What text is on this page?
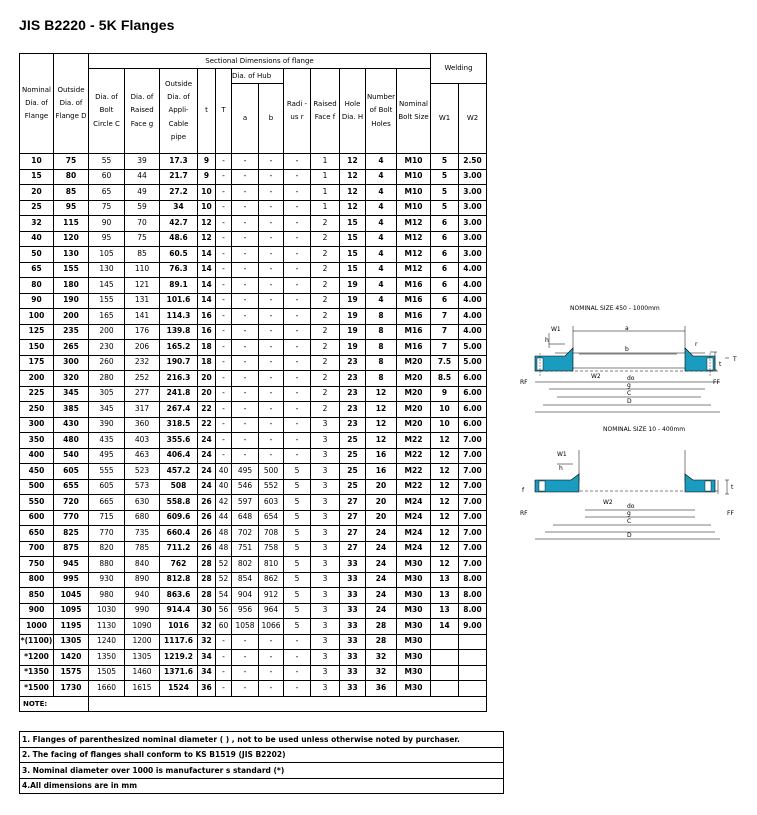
JIS B2220 - 5K Flanges
Nominal Dia. of Flange	Outside Dia. of Flange D	Sectional Dimensions of flange												Welding	
		Dia. of Bolt Circle C	Dia. of Raised Face g	Outside Dia. of Appli- Cable pipe	t	T	Dia. of Hub		Radi -us r	Raised Face f	Hole Dia. H	Number of Bolt Holes	Nominal Bolt Size		
							a	b						W1	W2
10	75	55	39	17.3	9	-	-	-	-	1	12	4	M10	5	2.50
15	80	60	44	21.7	9	-	-	-	-	1	12	4	M10	5	3.00
20	85	65	49	27.2	10	-	-	-	-	1	12	4	M10	5	3.00
25	95	75	59	34	10	-	-	-	-	1	12	4	M10	5	3.00
32	115	90	70	42.7	12	-	-	-	-	2	15	4	M12	6	3.00
40	120	95	75	48.6	12	-	-	-	-	2	15	4	M12	6	3.00
50	130	105	85	60.5	14	-	-	-	-	2	15	4	M12	6	3.00
65	155	130	110	76.3	14	-	-	-	-	2	15	4	M12	6	4.00
80	180	145	121	89.1	14	-	-	-	-	2	19	4	M16	6	4.00
90	190	155	131	101.6	14	-	-	-	-	2	19	4	M16	6	4.00
100	200	165	141	114.3	16	-	-	-	-	2	19	8	M16	7	4.00
125	235	200	176	139.8	16	-	-	-	-	2	19	8	M16	7	4.00
150	265	230	206	165.2	18	-	-	-	-	2	19	8	M16	7	5.00
175	300	260	232	190.7	18	-	-	-	-	2	23	8	M20	7.5	5.00
200	320	280	252	216.3	20	-	-	-	-	2	23	8	M20	8.5	6.00
225	345	305	277	241.8	20	-	-	-	-	2	23	12	M20	9	6.00
250	385	345	317	267.4	22	-	-	-	-	2	23	12	M20	10	6.00
300	430	390	360	318.5	22	-	-	-	-	3	23	12	M20	10	6.00
350	480	435	403	355.6	24	-	-	-	-	3	25	12	M22	12	7.00
400	540	495	463	406.4	24	-	-	-	-	3	25	16	M22	12	7.00
450	605	555	523	457.2	24	40	495	500	5	3	25	16	M22	12	7.00
500	655	605	573	508	24	40	546	552	5	3	25	20	M22	12	7.00
550	720	665	630	558.8	26	42	597	603	5	3	27	20	M24	12	7.00
600	770	715	680	609.6	26	44	648	654	5	3	27	20	M24	12	7.00
650	825	770	735	660.4	26	48	702	708	5	3	27	24	M24	12	7.00
700	875	820	785	711.2	26	48	751	758	5	3	27	24	M24	12	7.00
750	945	880	840	762	28	52	802	810	5	3	33	24	M30	12	7.00
800	995	930	890	812.8	28	52	854	862	5	3	33	24	M30	13	8.00
850	1045	980	940	863.6	28	54	904	912	5	3	33	24	M30	13	8.00
900	1095	1030	990	914.4	30	56	956	964	5	3	33	24	M30	13	8.00
1000	1195	1130	1090	1016	32	60	1058	1066	5	3	33	28	M30	14	9.00
*(1100)	1305	1240	1200	1117.6	32	-	-	-	-	3	33	28	M30		
*1200	1420	1350	1305	1219.2	34	-	-	-	-	3	33	32	M30		
*1350	1575	1505	1460	1371.6	34	-	-	-	-	3	33	32	M30		
*1500	1730	1660	1615	1524	36	-	-	-	-	3	33	36	M30		
NOTE:															
1. Flanges of parenthesized nominal diameter ( ) , not to be used unless otherwise noted by purchaser.
2. The facing of flanges shall conform to KS B1519 (JIS B2202)
3. Nominal diameter over 1000 is manufacturer s standard (*)
4.All dimensions are in mm
NOMINAL SIZE 450 - 1000mm
W1
h
a
b
r
W2	do
g
C
D
RF	FF
T
t
NOMINAL SIZE 10 - 400mm
W1
h
W2
do
g
C
D
RF	FF
f	t
